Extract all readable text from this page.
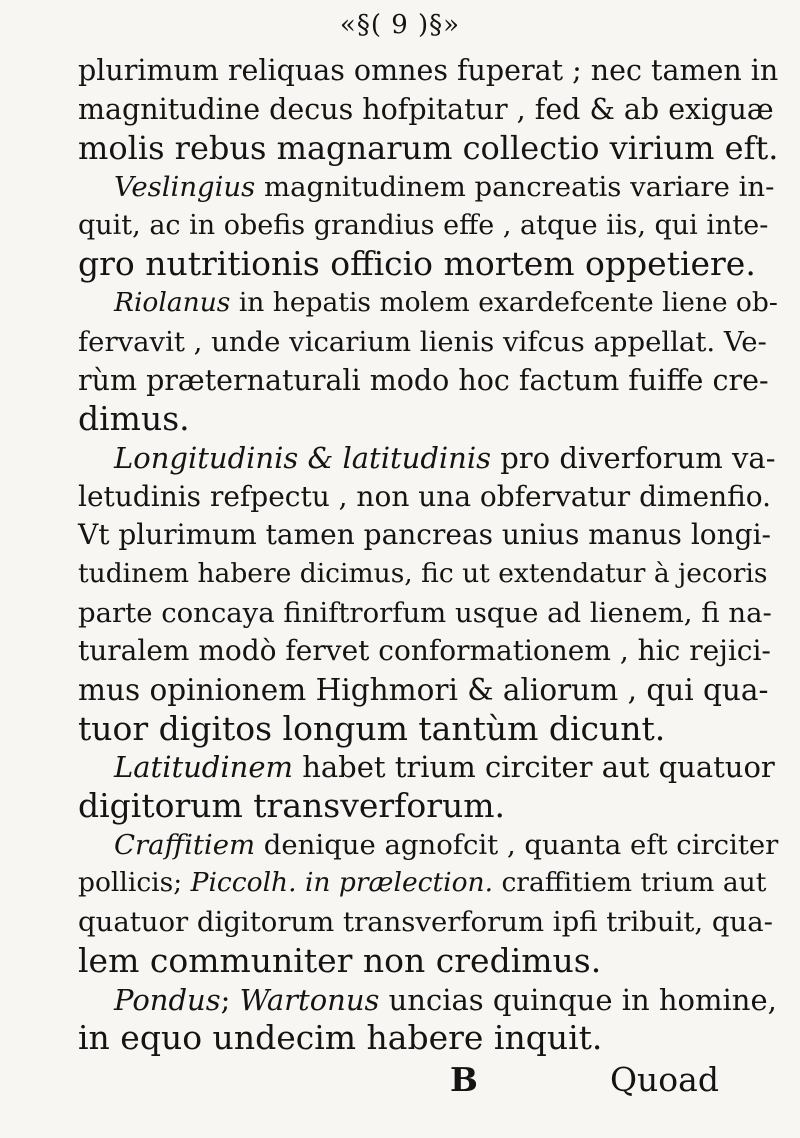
«§( 9 )§»
plurimum reliquas omnes fuperat ; nec tamen in
magnitudine decus hofpitatur , fed & ab exiguæ
molis rebus magnarum collectio virium eft.
Veslingius magnitudinem pancreatis variare in-
quit, ac in obefis grandius effe , atque iis, qui inte-
gro nutritionis officio mortem oppetiere.
Riolanus in hepatis molem exardefcente liene ob-
fervavit , unde vicarium lienis vifcus appellat. Ve-
rùm præternaturali modo hoc factum fuiffe cre-
dimus.
Longitudinis & latitudinis pro diverforum va-
letudinis refpectu , non una obfervatur dimenfio.
Vt plurimum tamen pancreas unius manus longi-
tudinem habere dicimus, fic ut extendatur à jecoris
parte concaya finiftrorfum usque ad lienem, fi na-
turalem modò fervet conformationem , hic rejici-
mus opinionem Highmori & aliorum , qui qua-
tuor digitos longum tantùm dicunt.
Latitudinem habet trium circiter aut quatuor
digitorum transverforum.
Craffitiem denique agnofcit , quanta eft circiter
pollicis; Piccolh. in prælection. craffitiem trium aut
quatuor digitorum transverforum ipfi tribuit, qua-
lem communiter non credimus.
Pondus; Wartonus uncias quinque in homine,
in equo undecim habere inquit.
B	Quoad
